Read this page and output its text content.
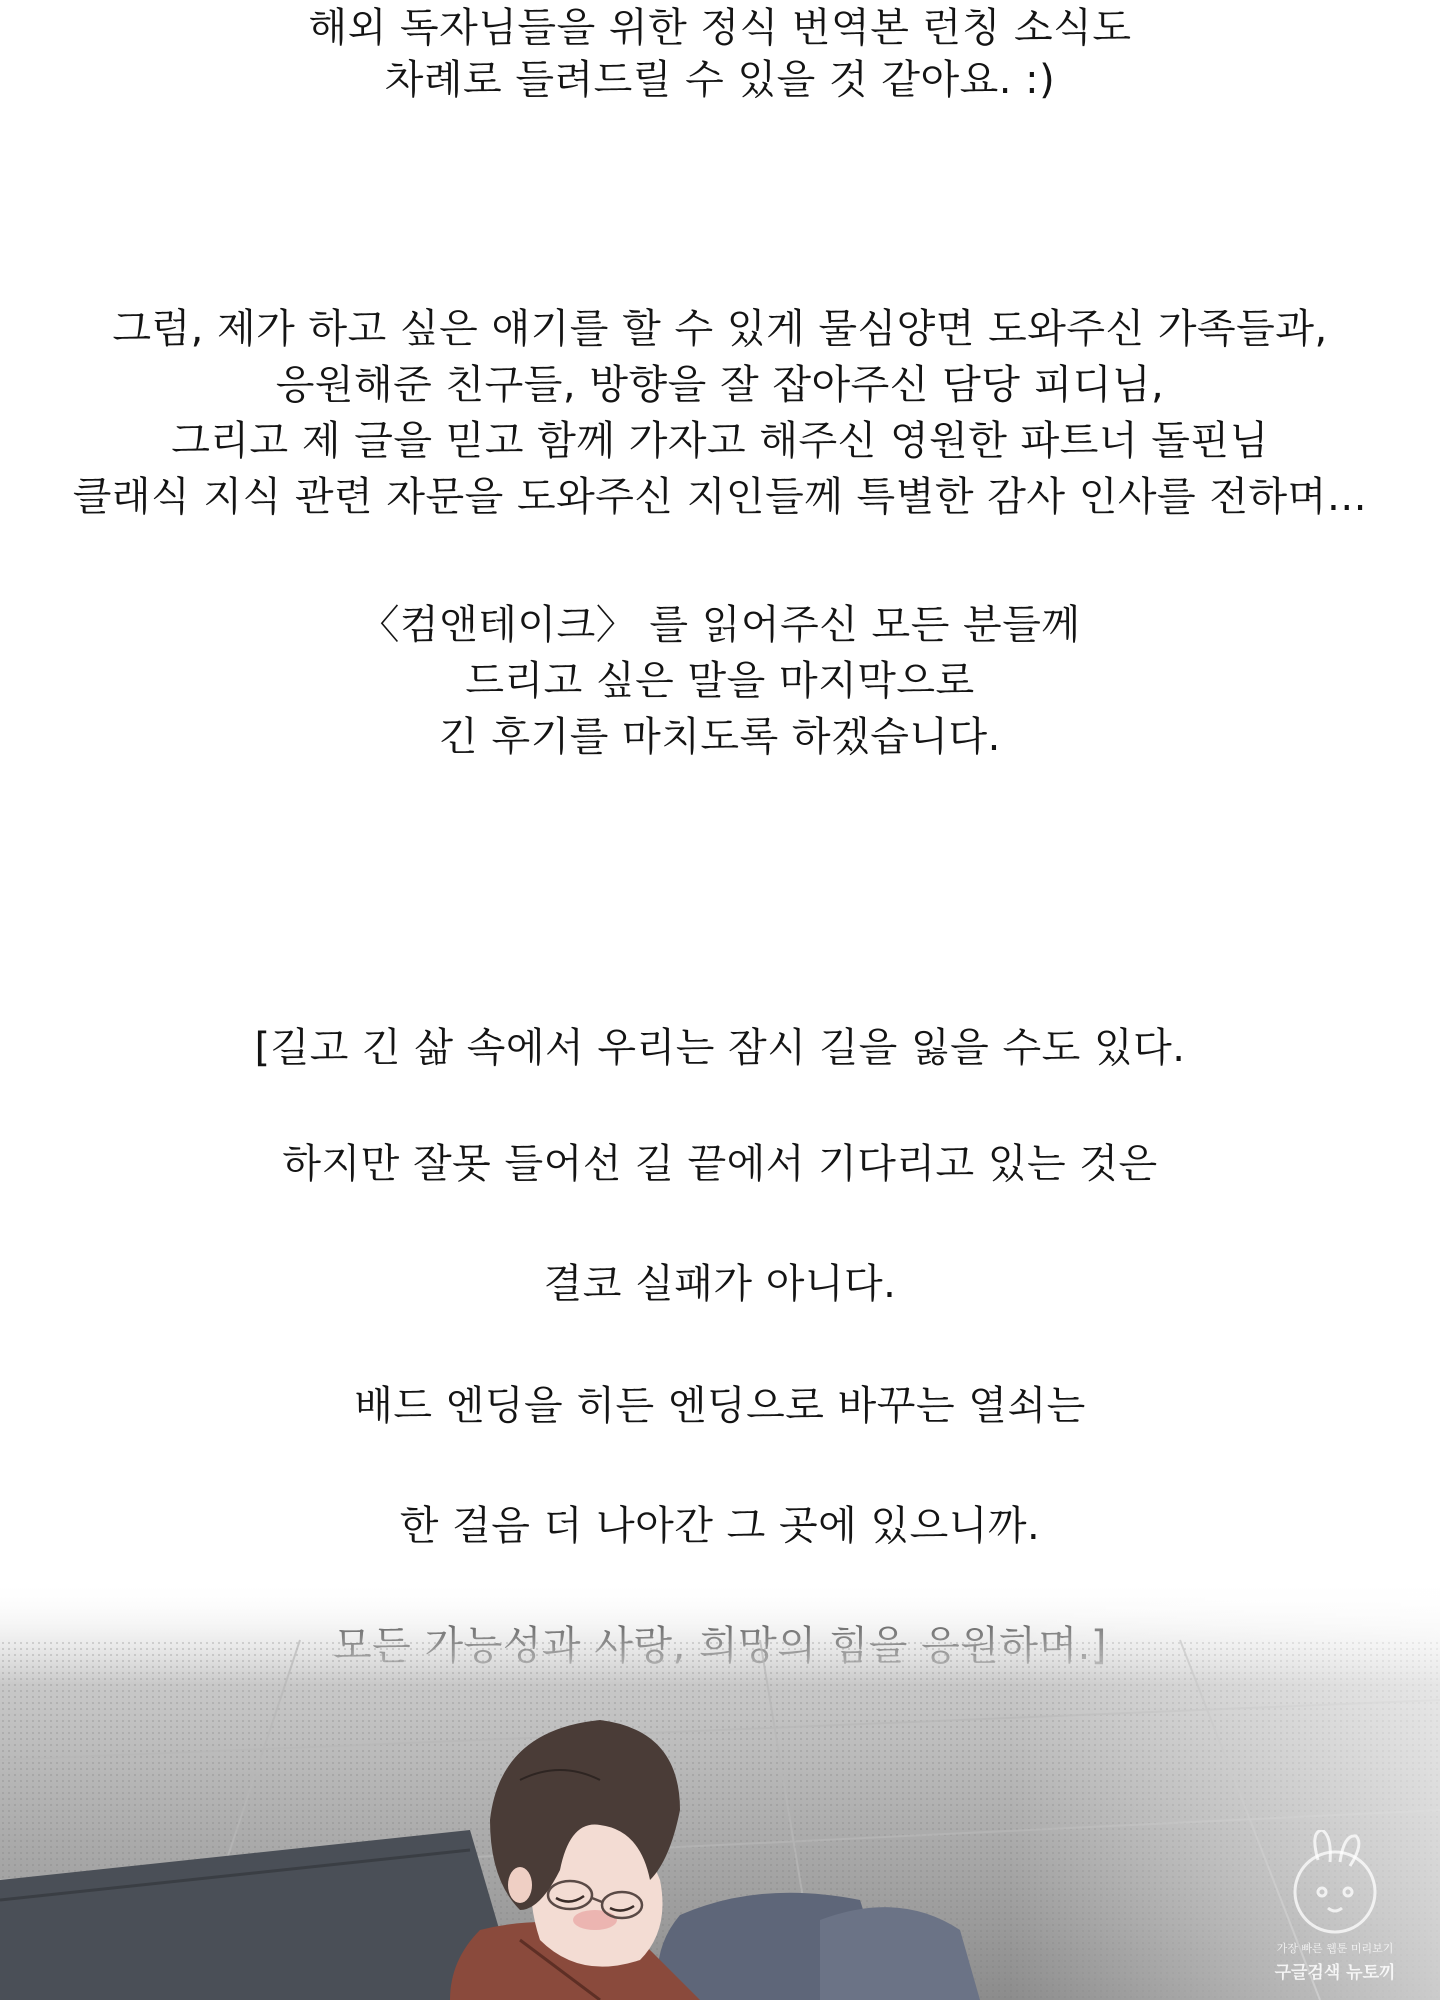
해외 독자님들을 위한 정식 번역본 런칭 소식도
차례로 들려드릴 수 있을 것 같아요. :)
그럼, 제가 하고 싶은 얘기를 할 수 있게 물심양면 도와주신 가족들과,
응원해준 친구들, 방향을 잘 잡아주신 담당 피디님,
그리고 제 글을 믿고 함께 가자고 해주신 영원한 파트너 돌핀님
클래식 지식 관련 자문을 도와주신 지인들께 특별한 감사 인사를 전하며…
〈컴앤테이크〉 를 읽어주신 모든 분들께
드리고 싶은 말을 마지막으로
긴 후기를 마치도록 하겠습니다.
[길고 긴 삶 속에서 우리는 잠시 길을 잃을 수도 있다.
하지만 잘못 들어선 길 끝에서 기다리고 있는 것은
결코 실패가 아니다.
배드 엔딩을 히든 엔딩으로 바꾸는 열쇠는
한 걸음 더 나아간 그 곳에 있으니까.
가장 빠른 웹툰 미리보기
구글검색 뉴토끼
